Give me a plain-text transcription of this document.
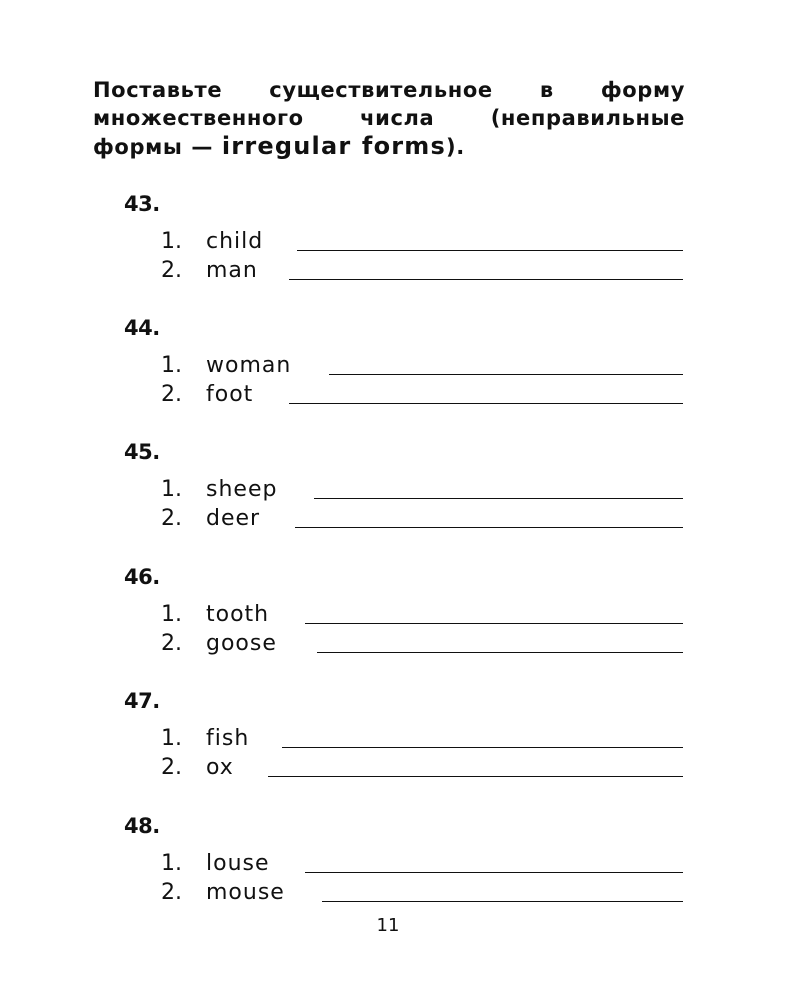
Поставьте существительное в форму множественного числа (неправильные формы — irregular forms).
43.
1. child
2. man
44.
1. woman
2. foot
45.
1. sheep
2. deer
46.
1. tooth
2. goose
47.
1. fish
2. ox
48.
1. louse
2. mouse
11
